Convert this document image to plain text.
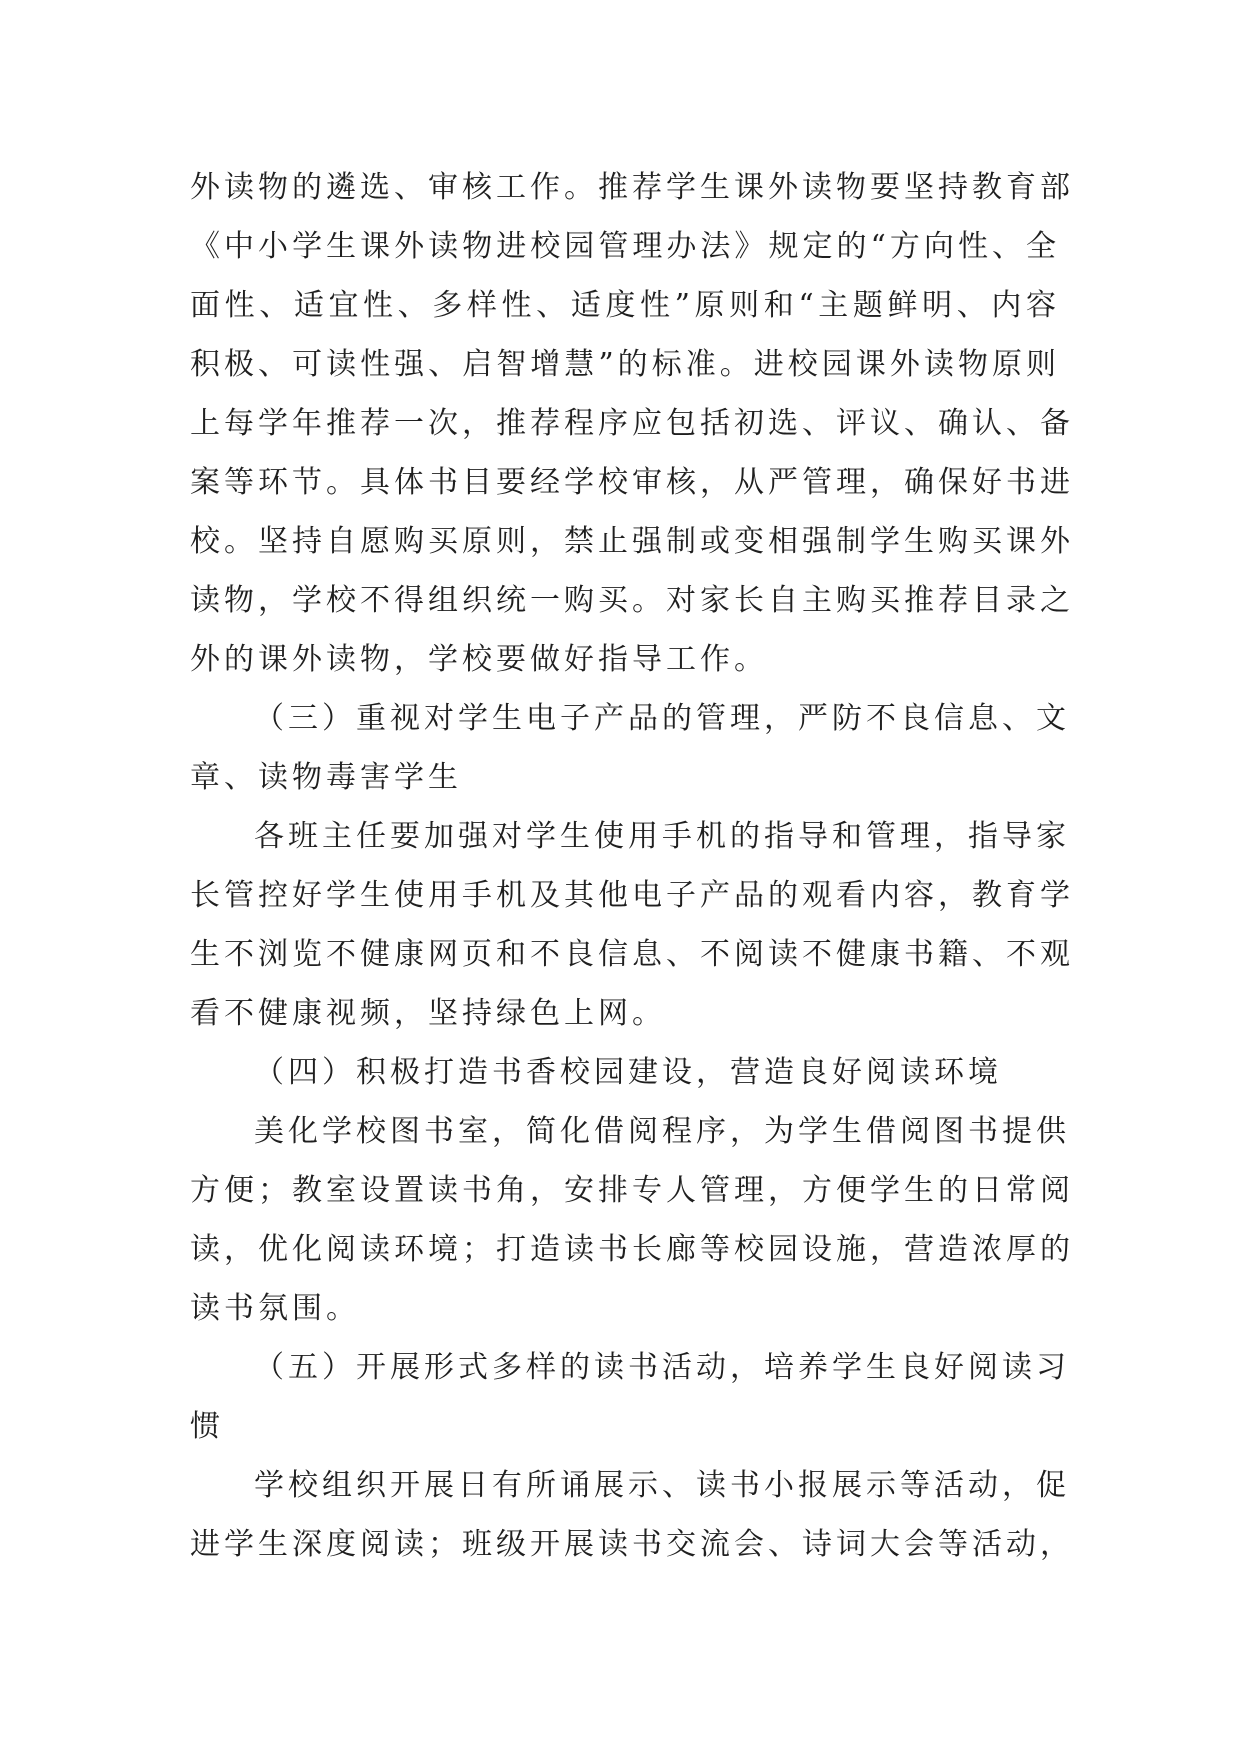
外读物的遴选、审核工作。推荐学生课外读物要坚持教育部
《中小学生课外读物进校园管理办法》规定的“方向性、全
面性、适宜性、多样性、适度性”原则和“主题鲜明、内容
积极、可读性强、启智增慧”的标准。进校园课外读物原则
上每学年推荐一次，推荐程序应包括初选、评议、确认、备
案等环节。具体书目要经学校审核，从严管理，确保好书进
校。坚持自愿购买原则，禁止强制或变相强制学生购买课外
读物，学校不得组织统一购买。对家长自主购买推荐目录之
外的课外读物，学校要做好指导工作。
（三）重视对学生电子产品的管理，严防不良信息、文
章、读物毒害学生
各班主任要加强对学生使用手机的指导和管理，指导家
长管控好学生使用手机及其他电子产品的观看内容，教育学
生不浏览不健康网页和不良信息、不阅读不健康书籍、不观
看不健康视频，坚持绿色上网。
（四）积极打造书香校园建设，营造良好阅读环境
美化学校图书室，简化借阅程序，为学生借阅图书提供
方便；教室设置读书角，安排专人管理，方便学生的日常阅
读，优化阅读环境；打造读书长廊等校园设施，营造浓厚的
读书氛围。
（五）开展形式多样的读书活动，培养学生良好阅读习
惯
学校组织开展日有所诵展示、读书小报展示等活动，促
进学生深度阅读；班级开展读书交流会、诗词大会等活动，
